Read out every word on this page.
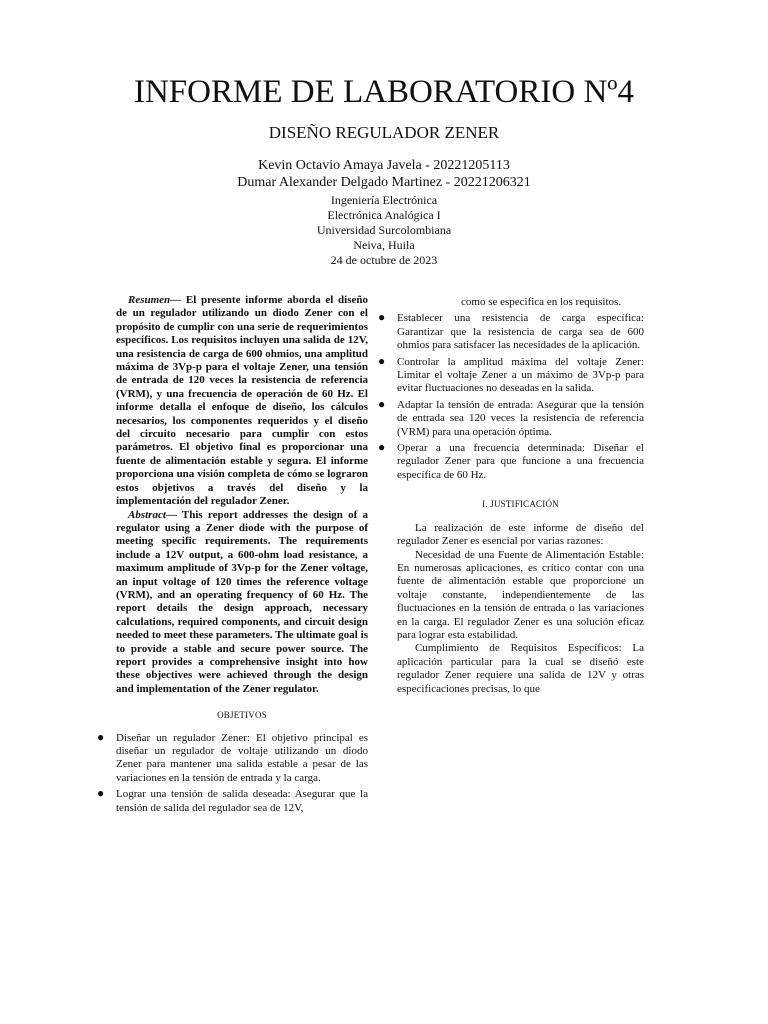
INFORME DE LABORATORIO Nº4
DISEÑO REGULADOR ZENER
Kevin Octavio Amaya Javela - 20221205113
Dumar Alexander Delgado Martinez - 20221206321
Ingeniería Electrónica
Electrónica Analógica I
Universidad Surcolombiana
Neiva, Huila
24 de octubre de 2023

Resumen— El presente informe aborda el diseño de un regulador utilizando un diodo Zener con el propósito de cumplir con una serie de requerimientos específicos. Los requisitos incluyen una salida de 12V, una resistencia de carga de 600 ohmios, una amplitud máxima de 3Vp-p para el voltaje Zener, una tensión de entrada de 120 veces la resistencia de referencia (VRM), y una frecuencia de operación de 60 Hz. El informe detalla el enfoque de diseño, los cálculos necesarios, los componentes requeridos y el diseño del circuito necesario para cumplir con estos parámetros. El objetivo final es proporcionar una fuente de alimentación estable y segura. El informe proporciona una visión completa de cómo se lograron estos objetivos a través del diseño y la implementación del regulador Zener.

Abstract— This report addresses the design of a regulator using a Zener diode with the purpose of meeting specific requirements. The requirements include a 12V output, a 600-ohm load resistance, a maximum amplitude of 3Vp-p for the Zener voltage, an input voltage of 120 times the reference voltage (VRM), and an operating frequency of 60 Hz. The report details the design approach, necessary calculations, required components, and circuit design needed to meet these parameters. The ultimate goal is to provide a stable and secure power source. The report provides a comprehensive insight into how these objectives were achieved through the design and implementation of the Zener regulator.

OBJETIVOS
● Diseñar un regulador Zener: El objetivo principal es diseñar un regulador de voltaje utilizando un diodo Zener para mantener una salida estable a pesar de las variaciones en la tensión de entrada y la carga.
● Lograr una tensión de salida deseada: Asegurar que la tensión de salida del regulador sea de 12V,
como se especifica en los requisitos.
● Establecer una resistencia de carga específica: Garantizar que la resistencia de carga sea de 600 ohmios para satisfacer las necesidades de la aplicación.
● Controlar la amplitud máxima del voltaje Zener: Limitar el voltaje Zener a un máximo de 3Vp-p para evitar fluctuaciones no deseadas en la salida.
● Adaptar la tensión de entrada: Asegurar que la tensión de entrada sea 120 veces la resistencia de referencia (VRM) para una operación óptima.
● Operar a una frecuencia determinada: Diseñar el regulador Zener para que funcione a una frecuencia específica de 60 Hz.
I. JUSTIFICACIÓN

La realización de este informe de diseño del regulador Zener es esencial por varias razones:

Necesidad de una Fuente de Alimentación Estable: En numerosas aplicaciones, es crítico contar con una fuente de alimentación estable que proporcione un voltaje constante, independientemente de las fluctuaciones en la tensión de entrada o las variaciones en la carga. El regulador Zener es una solución eficaz para lograr esta estabilidad.

Cumplimiento de Requisitos Específicos: La aplicación particular para la cual se diseñó este regulador Zener requiere una salida de 12V y otras especificaciones precisas, lo que
